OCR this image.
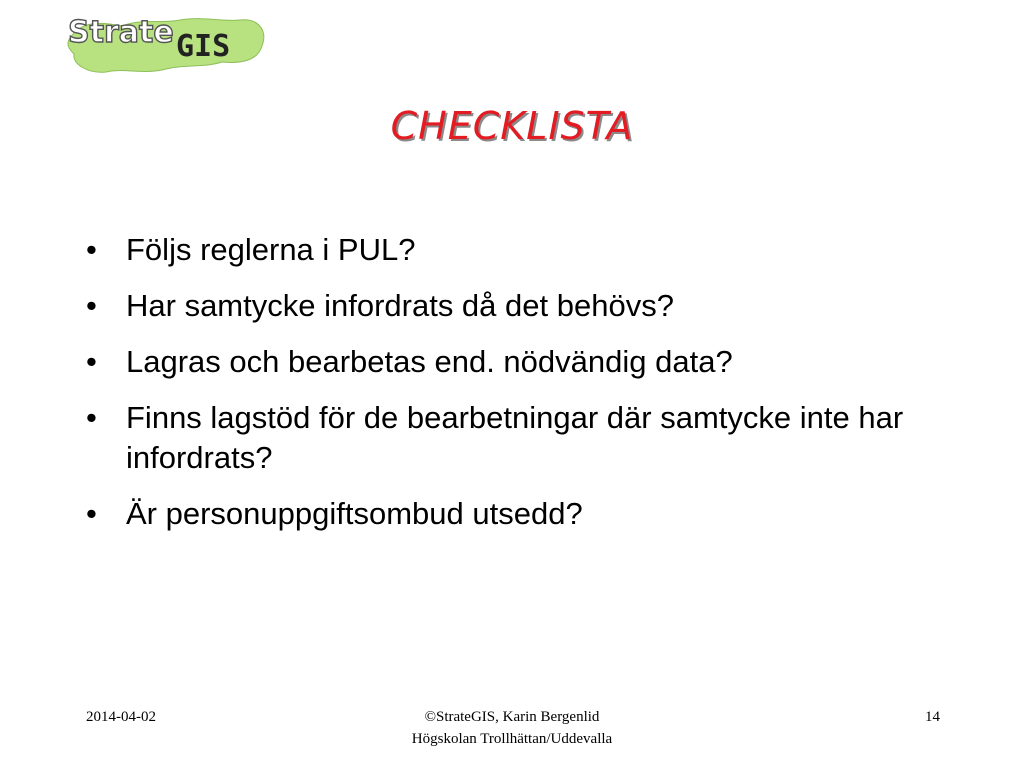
Strate GIS
CHECKLISTA
• Följs reglerna i PUL?
• Har samtycke infordrats då det behövs?
• Lagras och bearbetas end. nödvändig data?
• Finns lagstöd för de bearbetningar där samtycke inte har infordrats?
• Är personuppgiftsombud utsedd?
2014-04-02	©StrateGIS, Karin Bergenlid
Högskolan Trollhättan/Uddevalla
14
